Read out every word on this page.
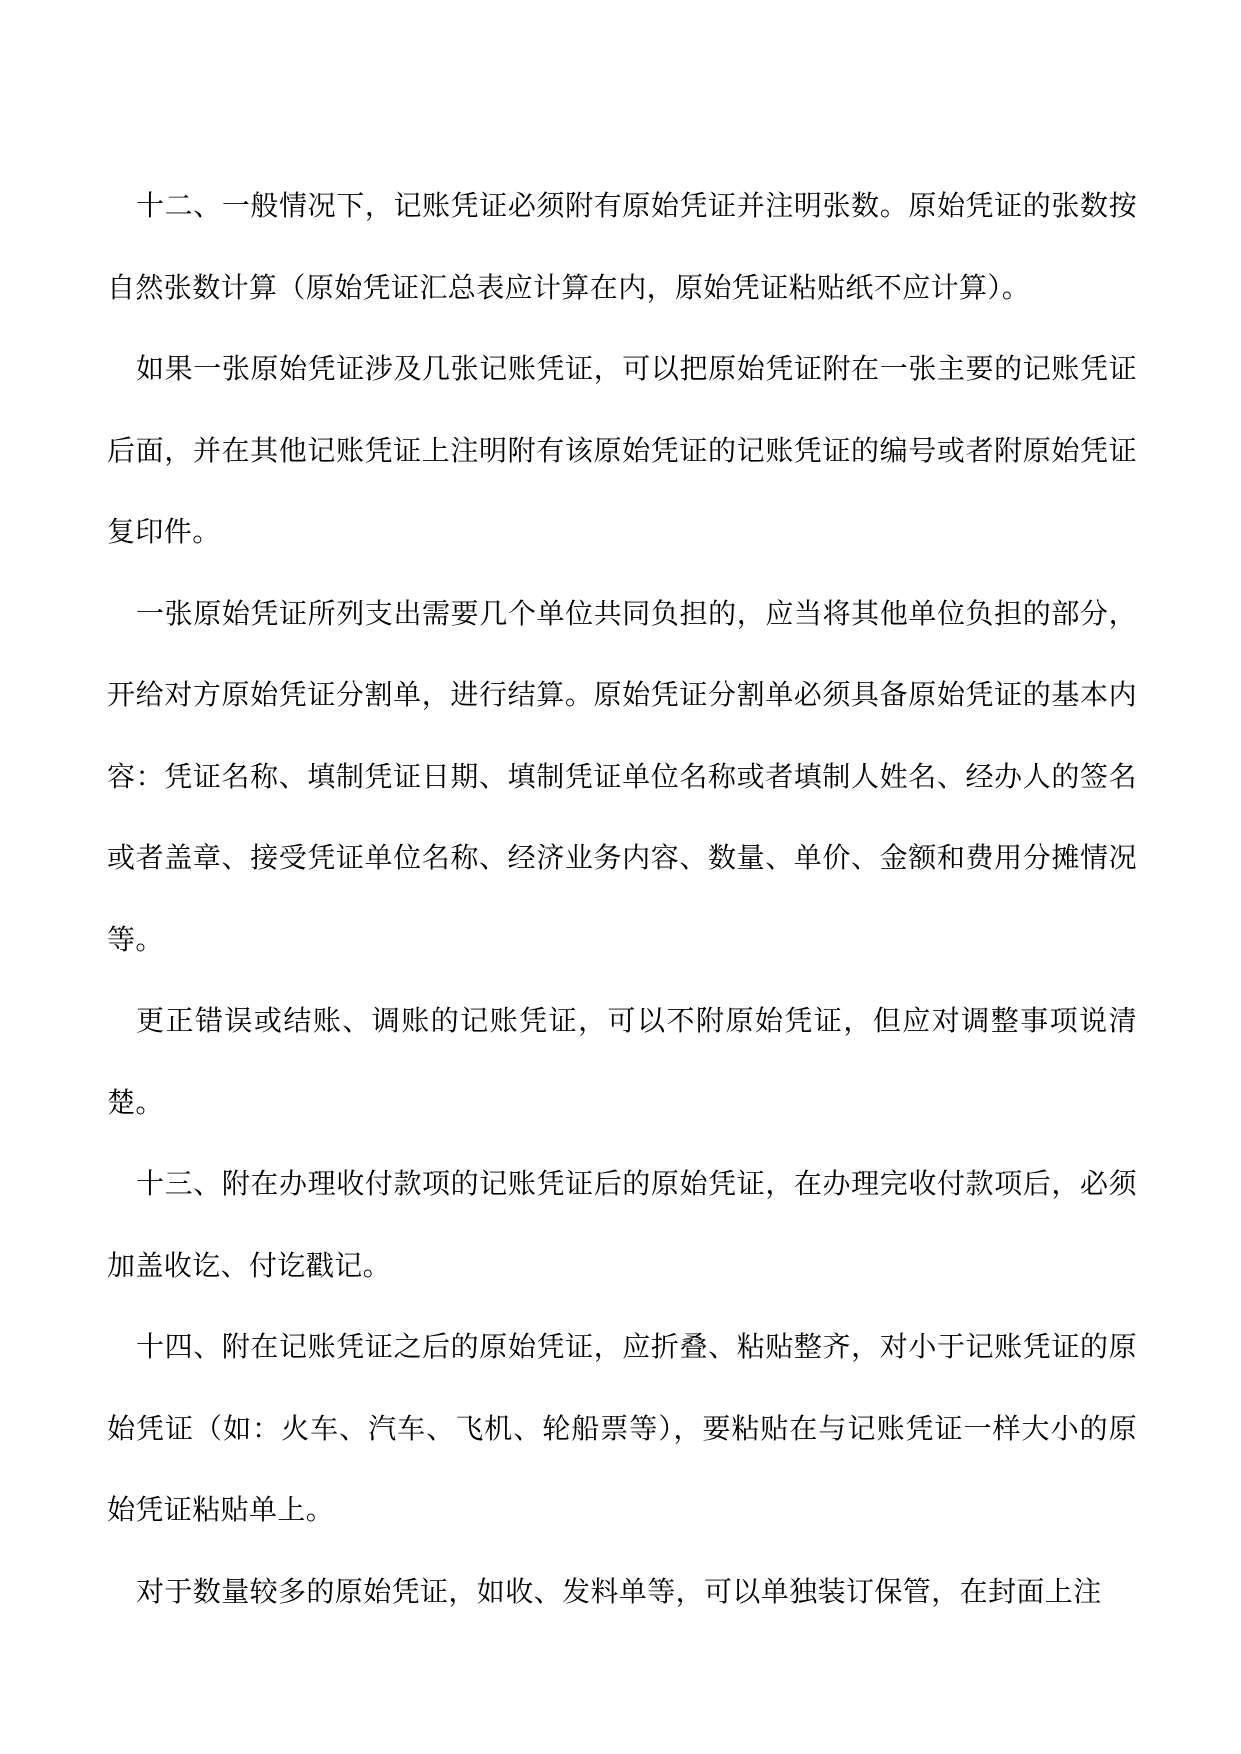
十二、一般情况下，记账凭证必须附有原始凭证并注明张数。原始凭证的张数按自然张数计算（原始凭证汇总表应计算在内，原始凭证粘贴纸不应计算）。

如果一张原始凭证涉及几张记账凭证，可以把原始凭证附在一张主要的记账凭证后面，并在其他记账凭证上注明附有该原始凭证的记账凭证的编号或者附原始凭证复印件。

一张原始凭证所列支出需要几个单位共同负担的，应当将其他单位负担的部分，开给对方原始凭证分割单，进行结算。原始凭证分割单必须具备原始凭证的基本内容：凭证名称、填制凭证日期、填制凭证单位名称或者填制人姓名、经办人的签名或者盖章、接受凭证单位名称、经济业务内容、数量、单价、金额和费用分摊情况等。

更正错误或结账、调账的记账凭证，可以不附原始凭证，但应对调整事项说清楚。

十三、附在办理收付款项的记账凭证后的原始凭证，在办理完收付款项后，必须加盖收讫、付讫戳记。

十四、附在记账凭证之后的原始凭证，应折叠、粘贴整齐，对小于记账凭证的原始凭证（如：火车、汽车、飞机、轮船票等），要粘贴在与记账凭证一样大小的原始凭证粘贴单上。

对于数量较多的原始凭证，如收、发料单等，可以单独装订保管，在封面上注
